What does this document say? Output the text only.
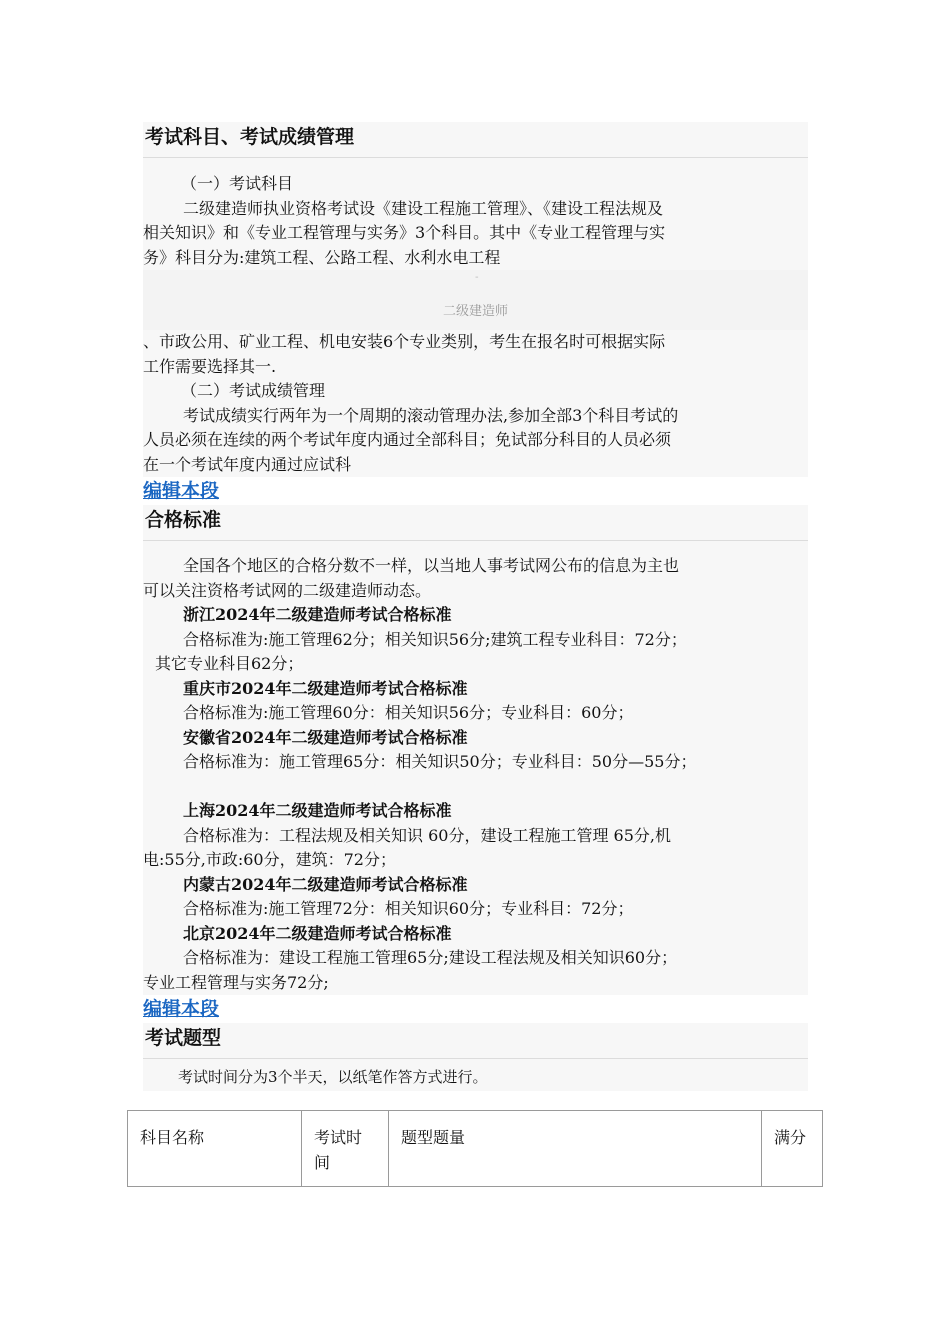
考试科目、考试成绩管理
（一）考试科目
二级建造师执业资格考试设《建设工程施工管理》、《建设工程法规及
相关知识》和《专业工程管理与实务》3个科目。其中《专业工程管理与实
务》科目分为:建筑工程、公路工程、水利水电工程
-
二级建造师
、市政公用、矿业工程、机电安装6个专业类别，考生在报名时可根据实际
工作需要选择其一.
（二）考试成绩管理
考试成绩实行两年为一个周期的滚动管理办法,参加全部3个科目考试的
人员必须在连续的两个考试年度内通过全部科目；免试部分科目的人员必须
在一个考试年度内通过应试科
编辑本段
合格标准
全国各个地区的合格分数不一样，以当地人事考试网公布的信息为主也
可以关注资格考试网的二级建造师动态。
浙江2024年二级建造师考试合格标准
合格标准为:施工管理62分；相关知识56分;建筑工程专业科目：72分；
其它专业科目62分；
重庆市2024年二级建造师考试合格标准
合格标准为:施工管理60分：相关知识56分；专业科目：60分；
安徽省2024年二级建造师考试合格标准
合格标准为：施工管理65分：相关知识50分；专业科目：50分—55分；
上海2024年二级建造师考试合格标准
合格标准为：工程法规及相关知识 60分，建设工程施工管理 65分,机
电:55分,市政:60分，建筑：72分；
内蒙古2024年二级建造师考试合格标准
合格标准为:施工管理72分：相关知识60分；专业科目：72分；
北京2024年二级建造师考试合格标准
合格标准为：建设工程施工管理65分;建设工程法规及相关知识60分；
专业工程管理与实务72分;
编辑本段
考试题型
考试时间分为3个半天，以纸笔作答方式进行。
科目名称	考试时间	题型题量	满分
